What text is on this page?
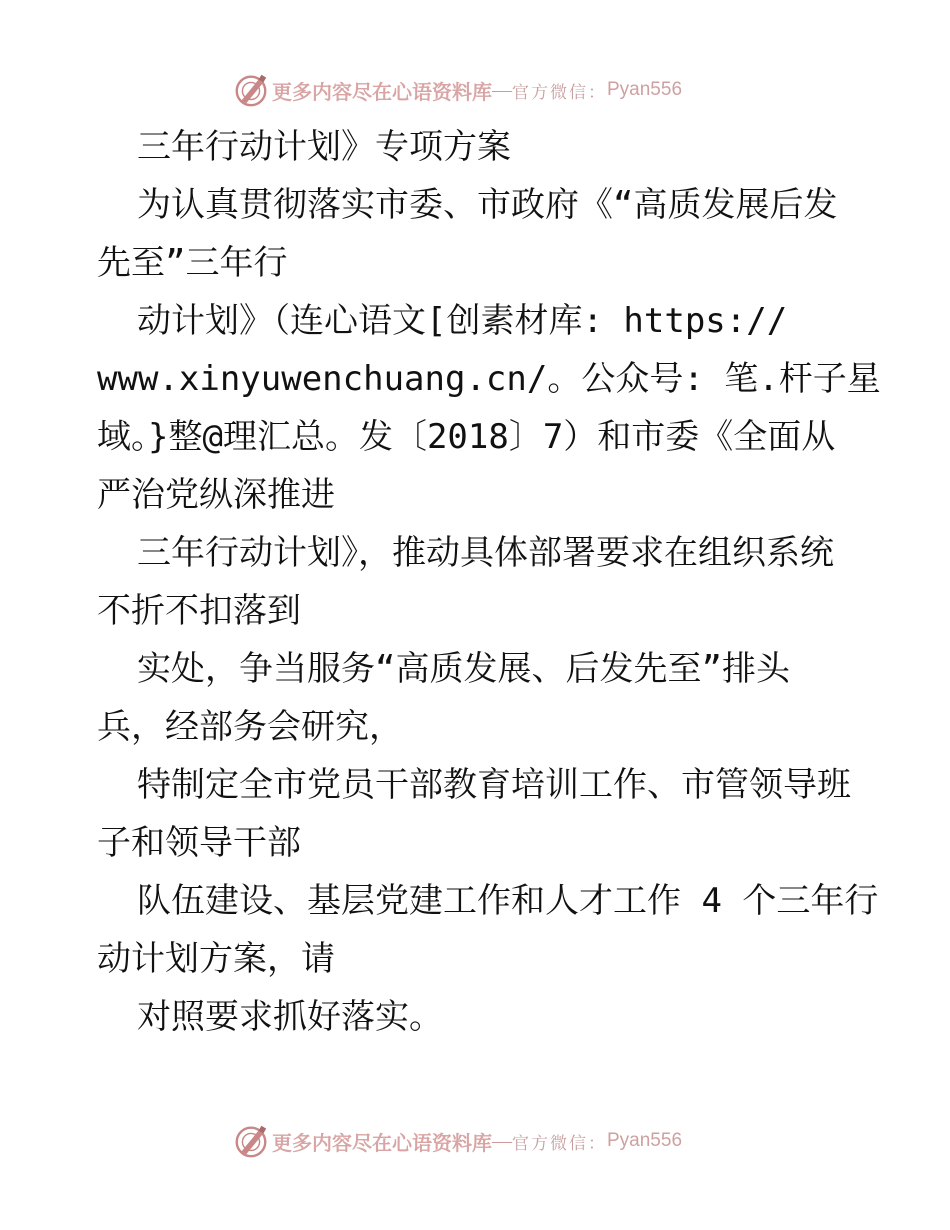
更多内容尽在心语资料库 — 官方微信： Pyan556
三年行动计划》专项方案
为认真贯彻落实市委、市政府《“高质发展后发
先至”三年行
动计划》（连心语文[创素材库: https://
www.xinyuwenchuang.cn/。公众号: 笔.杆子星
域。}整@理汇总。发〔2018〕7）和市委《全面从
严治党纵深推进
三年行动计划》，推动具体部署要求在组织系统
不折不扣落到
实处，争当服务“高质发展、后发先至”排头
兵，经部务会研究，
特制定全市党员干部教育培训工作、市管领导班
子和领导干部
队伍建设、基层党建工作和人才工作 4 个三年行
动计划方案，请
对照要求抓好落实。
更多内容尽在心语资料库 — 官方微信： Pyan556
